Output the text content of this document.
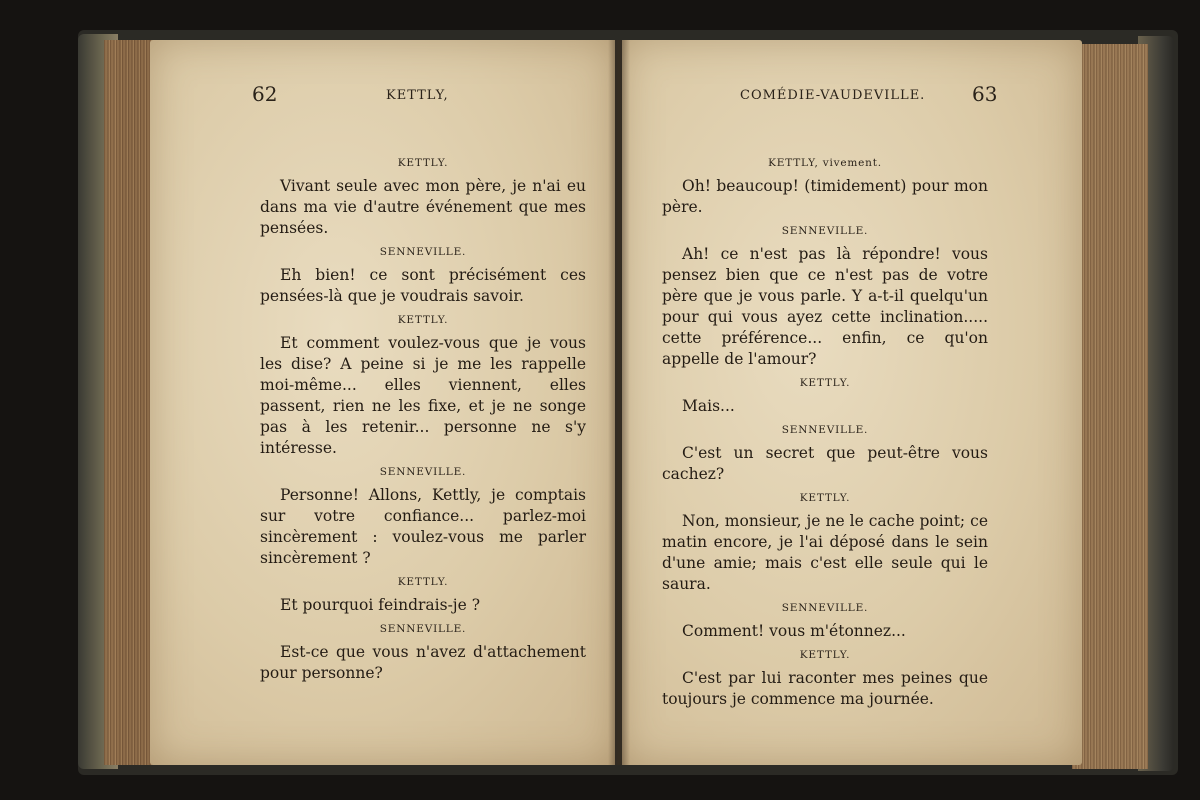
62	KETTLY,	COMÉDIE-VAUDEVILLE. 63
KETTLY.

Vivant seule avec mon père, je n'ai eu dans ma vie d'autre événement que mes pensées.

SENNEVILLE.

Eh bien! ce sont précisément ces pensées-là que je voudrais savoir.

KETTLY.

Et comment voulez-vous que je vous les dise? A peine si je me les rappelle moi-même... elles viennent, elles passent, rien ne les fixe, et je ne songe pas à les retenir... personne ne s'y intéresse.

SENNEVILLE.

Personne! Allons, Kettly, je comptais sur votre confiance... parlez-moi sincèrement : voulez-vous me parler sincèrement ?

KETTLY.

Et pourquoi feindrais-je ?

SENNEVILLE.

Est-ce que vous n'avez d'attachement pour personne?

KETTLY, vivement.

Oh! beaucoup! (timidement) pour mon père.

SENNEVILLE.

Ah! ce n'est pas là répondre! vous pensez bien que ce n'est pas de votre père que je vous parle. Y a-t-il quelqu'un pour qui vous ayez cette inclination..... cette préférence... enfin, ce qu'on appelle de l'amour?

KETTLY.

Mais...

SENNEVILLE.

C'est un secret que peut-être vous cachez?

KETTLY.

Non, monsieur, je ne le cache point; ce matin encore, je l'ai déposé dans le sein d'une amie; mais c'est elle seule qui le saura.

SENNEVILLE.

Comment! vous m'étonnez...

KETTLY.

C'est par lui raconter mes peines que toujours je commence ma journée.
